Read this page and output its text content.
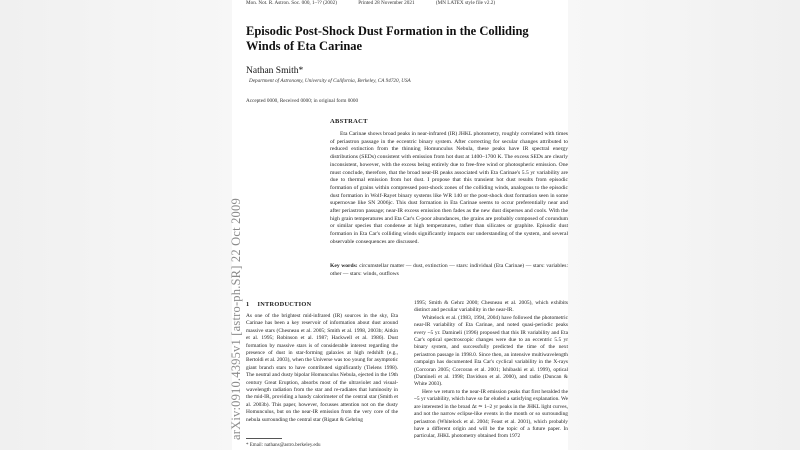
arXiv:0910.4395v1 [astro-ph.SR] 22 Oct 2009
Mon. Not. R. Astron. Soc. 000, 1–?? (2002)	Printed 28 November 2021	(MN LATEX style file v2.2)
Episodic Post-Shock Dust Formation in the Colliding Winds of Eta Carinae
Nathan Smith*
Department of Astronomy, University of California, Berkeley, CA 94720, USA
Accepted 0000, Received 0000; in original form 0000
ABSTRACT
Eta Carinae shows broad peaks in near-infrared (IR) JHKL photometry, roughly correlated with times of periastron passage in the eccentric binary system. After correcting for secular changes attributed to reduced extinction from the thinning Homunculus Nebula, these peaks have IR spectral energy distributions (SEDs) consistent with emission from hot dust at 1400–1700 K. The excess SEDs are clearly inconsistent, however, with the excess being entirely due to free-free wind or photospheric emission. One must conclude, therefore, that the broad near-IR peaks associated with Eta Carinae's 5.5 yr variability are due to thermal emission from hot dust. I propose that this transient hot dust results from episodic formation of grains within compressed post-shock zones of the colliding winds, analogous to the episodic dust formation in Wolf-Rayet binary systems like WR 140 or the post-shock dust formation seen in some supernovae like SN 2006jc. This dust formation in Eta Carinae seems to occur preferentially near and after periastron passage; near-IR excess emission then fades as the new dust disperses and cools. With the high grain temperatures and Eta Car's C-poor abundances, the grains are probably composed of corundum or similar species that condense at high temperatures, rather than silicates or graphite. Episodic dust formation in Eta Car's colliding winds significantly impacts our understanding of the system, and several observable consequences are discussed.
Key words: circumstellar matter — dust, extinction — stars: individual (Eta Carinae) — stars: variables: other — stars: winds, outflows
1 INTRODUCTION
As one of the brightest mid-infrared (IR) sources in the sky, Eta Carinae has been a key reservoir of information about dust around massive stars (Chesneau et al. 2005; Smith et al. 1998, 2003b; Aitkin et al. 1995; Robinson et al. 1987; Hackwell et al. 1986). Dust formation by massive stars is of considerable interest regarding the presence of dust in star-forming galaxies at high redshift (e.g., Bertoldi et al. 2003), when the Universe was too young for asymptotic giant branch stars to have contributed significantly (Tielens 1998). The neutral and dusty bipolar Homunculus Nebula, ejected in the 19th century Great Eruption, absorbs most of the ultraviolet and visual-wavelength radiation from the star and re-radiates that luminosity in the mid-IR, providing a handy calorimeter of the central star (Smith et al. 2003b). This paper, however, focusses attention not on the dusty Homunculus, but on the near-IR emission from the very core of the nebula surrounding the central star (Rigaut & Gehring

1995; Smith & Gehrz 2000; Chesneau et al. 2005), which exhibits distinct and peculiar variability in the near-IR.

Whitelock et al. (1983, 1994, 2004) have followed the photometric near-IR variability of Eta Carinae, and noted quasi-periodic peaks every ~5 yr. Damineli (1996) proposed that this IR variability and Eta Car's optical spectroscopic changes were due to an eccentric 5.5 yr binary system, and successfully predicted the time of the next periastron passage in 1998.0. Since then, an intensive multiwavelength campaign has documented Eta Car's cyclical variability in the X-rays (Corcoran 2005; Corcoran et al. 2001; Ishibashi et al. 1999), optical (Damineli et al. 1998; Davidson et al. 2000), and radio (Duncan & White 2003).

Here we return to the near-IR emission peaks that first heralded the ~5 yr variability, which have so far eluded a satisfying explanation. We are interested in the broad Δt ≃ 1–2 yr peaks in the JHKL light curves, and not the narrow eclipse-like events in the month or so surrounding periastron (Whitelock et al. 2004; Feast et al. 2001), which probably have a different origin and will be the topic of a future paper. In particular, JHKL photometry obtained from 1972

* Email: nathans@astro.berkeley.edu
